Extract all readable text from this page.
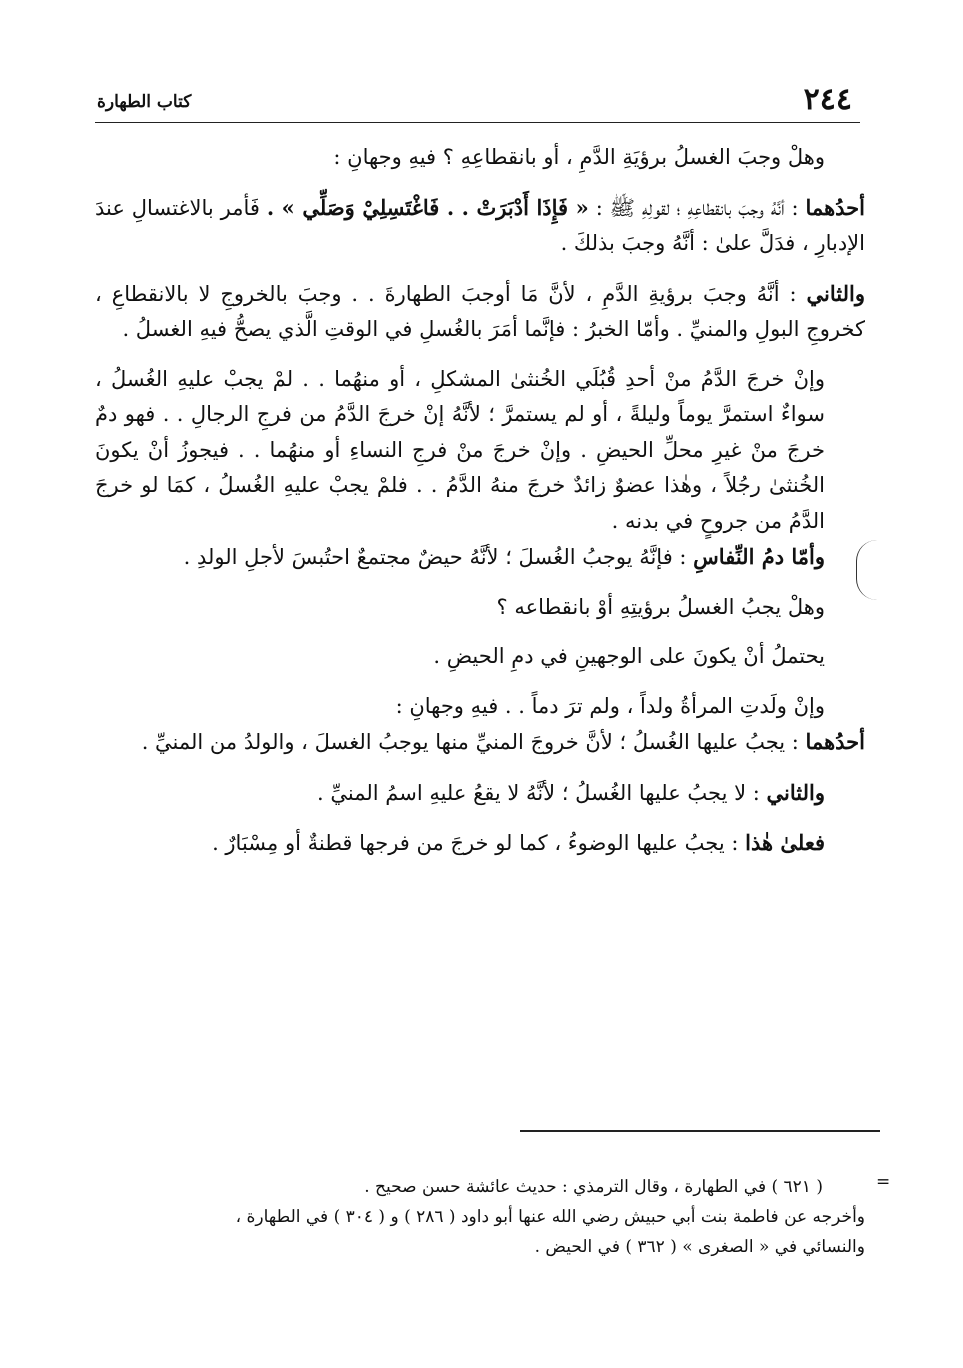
٢٤٤
كتاب الطهارة

وهلْ وجبَ الغسلُ برؤيَةِ الدَّمِ ، أو بانقطاعِهِ ؟ فيهِ وجهانِ :

أحدُهما : أنَّهُ وجبَ بانقطاعِهِ ؛ لقولِهِ ﷺ : « فَإِذَا أَدْبَرَتْ . . فَاغْتَسِلِيْ وَصَلِّي » . فَأمر بالاغتسالِ عندَ الإدبارِ ، فدَلَّ علىٰ : أنَّهُ وجبَ بذلكَ .

والثاني : أنَّهُ وجبَ برؤيةِ الدَّمِ ، لأنَّ مَا أوجبَ الطهارةَ . . وجبَ بالخروجِ لا بالانقطاعِ ، كخروجِ البولِ والمنيِّ . وأمّا الخبرُ : فإنَّما أمَرَ بالغُسلِ في الوقتِ الَّذي يصحُّ فيهِ الغسلُ .

وإنْ خرجَ الدَّمُ منْ أحدِ قُبُلَي الخُنثىٰ المشكلِ ، أو منهُما . . لمْ يجبْ عليهِ الغُسلُ ، سواءٌ استمرَّ يوماً وليلةً ، أو لم يستمرَّ ؛ لأنَّهُ إنْ خرجَ الدَّمُ من فرجِ الرجالِ . . فهو دمٌ خرجَ منْ غيرِ محلِّ الحيضِ . وإنْ خرجَ منْ فرجِ النساءِ أو منهُما . . فيجوزُ أنْ يكونَ الخُنثىٰ رجُلاً ، وهٰذا عضوٌ زائدٌ خرجَ منهُ الدَّمُ . . فلمْ يجبْ عليهِ الغُسلُ ، كمَا لو خرجَ الدَّمُ من جروحٍ في بدنه .

وأمّا دمُ النِّفاسِ : فإنَّهُ يوجبُ الغُسلَ ؛ لأنَّهُ حيضٌ مجتمعٌ احتُبسَ لأجلِ الولدِ .

وهلْ يجبُ الغسلُ برؤيتِهِ أوْ بانقطاعه ؟

يحتملُ أنْ يكونَ على الوجهينِ في دمِ الحيضِ .

وإنْ ولَدتِ المرأةُ ولداً ، ولم ترَ دماً . . فيهِ وجهانِ :

أحدُهما : يجبُ عليها الغُسلُ ؛ لأنَّ خروجَ المنيِّ منها يوجبُ الغسلَ ، والولدُ من المنيِّ .

والثاني : لا يجبُ عليها الغُسلُ ؛ لأنَّهُ لا يقعُ عليهِ اسمُ المنيِّ .

فعلىٰ هٰذا : يجبُ عليها الوضوءُ ، كما لو خرجَ من فرجها قطنةٌ أو مِسْبَارٌ .

=

( ٦٢١ ) في الطهارة ، وقال الترمذي : حديث عائشة حسن صحيح .

وأخرجه عن فاطمة بنت أبي حبيش رضي الله عنها أبو داود ( ٢٨٦ ) و ( ٣٠٤ ) في الطهارة ،

والنسائي في « الصغرى » ( ٣٦٢ ) في الحيض .
